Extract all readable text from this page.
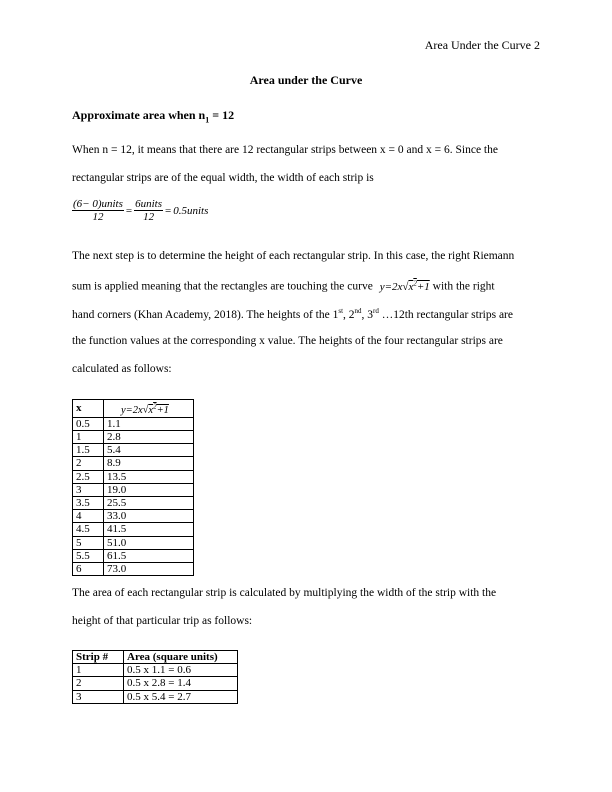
Area Under the Curve 2
Area under the Curve
Approximate area when $n_1 = 12$
When n = 12, it means that there are 12 rectangular strips between x = 0 and x = 6. Since the
rectangular strips are of the equal width, the width of each strip is
$\frac{\text{(6− 0)units}}{12} = \frac{\text{6units}}{12}$ = 0.5units
The next step is to determine the height of each rectangular strip. In this case, the right Riemann
sum is applied meaning that the rectangles are touching the curve $y=2x√x^2+1$ with the right
hand corners (Khan Academy, 2018). The heights of the 1st, 2nd, 3rd …12th rectangular strips are
the function values at the corresponding x value. The heights of the four rectangular strips are
calculated as follows:
x	$y=2x√x^2+1$
0.5	1.1
1	2.8
1.5	5.4
2	8.9
2.5	13.5
3	19.0
3.5	25.5
4	33.0
4.5	41.5
5	51.0
5.5	61.5
6	73.0
The area of each rectangular strip is calculated by multiplying the width of the strip with the
height of that particular trip as follows:
Strip #	Area (square units)
1	0.5 x 1.1 = 0.6
2	0.5 x 2.8 = 1.4
3	0.5 x 5.4 = 2.7
